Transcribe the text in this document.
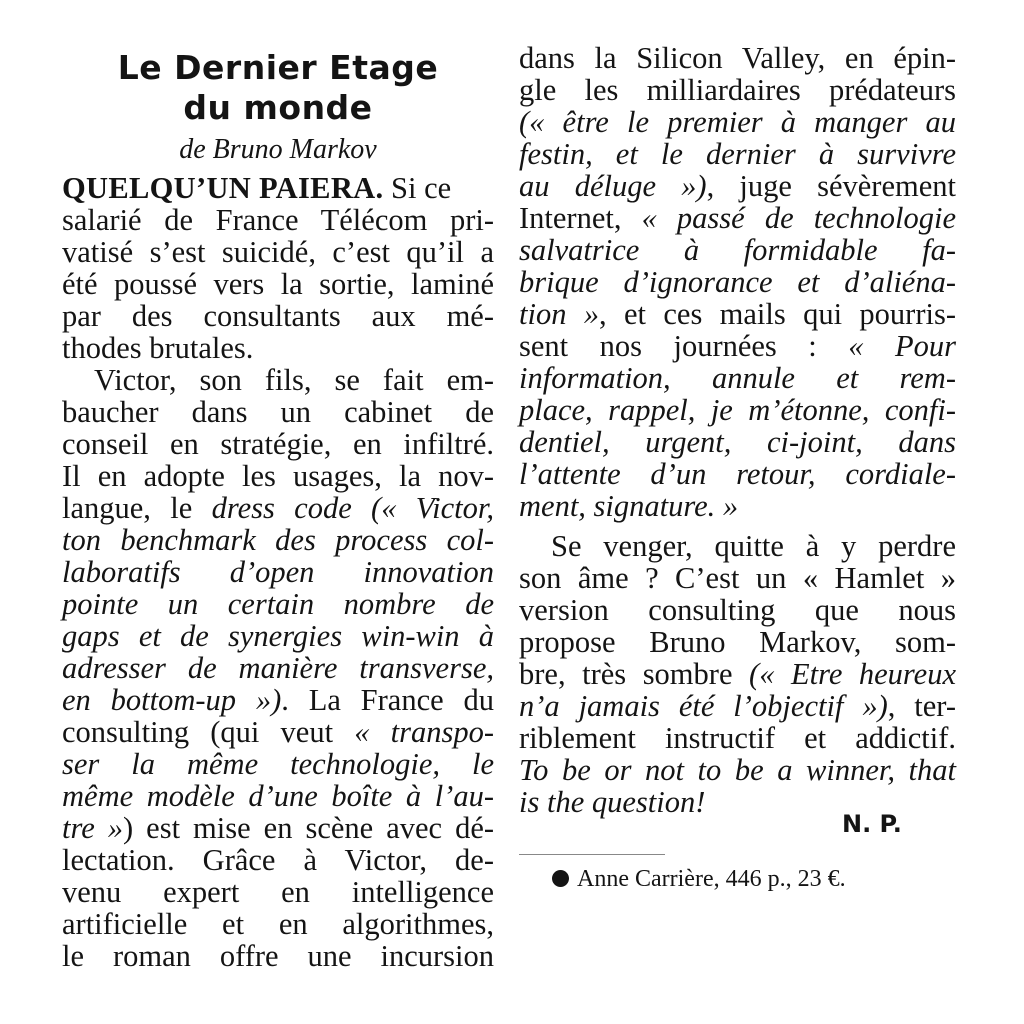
Le Dernier Etage
du monde
de Bruno Markov
QUELQU’UN PAIERA. Si ce
salarié de France Télécom pri-
vatisé s’est suicidé, c’est qu’il a
été poussé vers la sortie, laminé
par des consultants aux mé-
thodes brutales.
Victor, son fils, se fait em-
baucher dans un cabinet de
conseil en stratégie, en infiltré.
Il en adopte les usages, la nov-
langue, le dress code (« Victor,
ton benchmark des process col-
laboratifs d’open innovation
pointe un certain nombre de
gaps et de synergies win-win à
adresser de manière transverse,
en bottom-up »). La France du
consulting (qui veut « transpo-
ser la même technologie, le
même modèle d’une boîte à l’au-
tre ») est mise en scène avec dé-
lectation. Grâce à Victor, de-
venu expert en intelligence
artificielle et en algorithmes,
le roman offre une incursion
dans la Silicon Valley, en épin-
gle les milliardaires prédateurs
(« être le premier à manger au
festin, et le dernier à survivre
au déluge »), juge sévèrement
Internet, « passé de technologie
salvatrice à formidable fa-
brique d’ignorance et d’aliéna-
tion », et ces mails qui pourris-
sent nos journées : « Pour
information, annule et rem-
place, rappel, je m’étonne, confi-
dentiel, urgent, ci-joint, dans
l’attente d’un retour, cordiale-
ment, signature. »
Se venger, quitte à y perdre
son âme ? C’est un « Hamlet »
version consulting que nous
propose Bruno Markov, som-
bre, très sombre (« Etre heureux
n’a jamais été l’objectif »), ter-
riblement instructif et addictif.
To be or not to be a winner, that
is the question!
N. P.
Anne Carrière, 446 p., 23 €.
